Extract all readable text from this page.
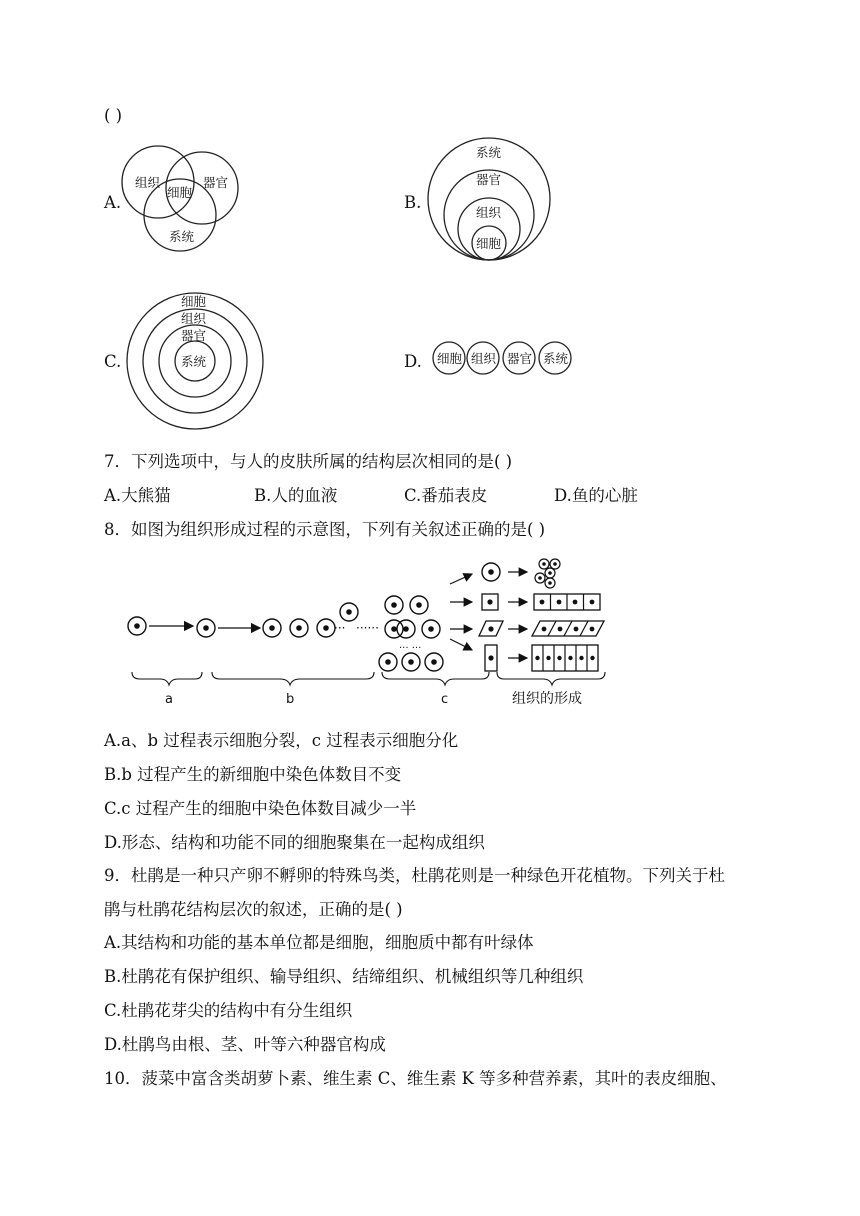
( )
A.
组织
细胞
器官
系统
B.
系统
器官
组织
细胞
C.
细胞
组织
器官
系统	D. 细胞 组织 器官 系统
7．下列选项中，与人的皮肤所属的结构层次相同的是( )
A.大熊猫	B.人的血液	C.番茄表皮	D.鱼的心脏
8．如图为组织形成过程的示意图，下列有关叙述正确的是( )
··· ······
··· ···
a	b	c	组织的形成
A.a、b 过程表示细胞分裂，c 过程表示细胞分化
B.b 过程产生的新细胞中染色体数目不变
C.c 过程产生的细胞中染色体数目减少一半
D.形态、结构和功能不同的细胞聚集在一起构成组织
9．杜鹃是一种只产卵不孵卵的特殊鸟类，杜鹃花则是一种绿色开花植物。下列关于杜
鹃与杜鹃花结构层次的叙述，正确的是( )
A.其结构和功能的基本单位都是细胞，细胞质中都有叶绿体
B.杜鹃花有保护组织、输导组织、结缔组织、机械组织等几种组织
C.杜鹃花芽尖的结构中有分生组织
D.杜鹃鸟由根、茎、叶等六种器官构成
10．菠菜中富含类胡萝卜素、维生素 C、维生素 K 等多种营养素，其叶的表皮细胞、
